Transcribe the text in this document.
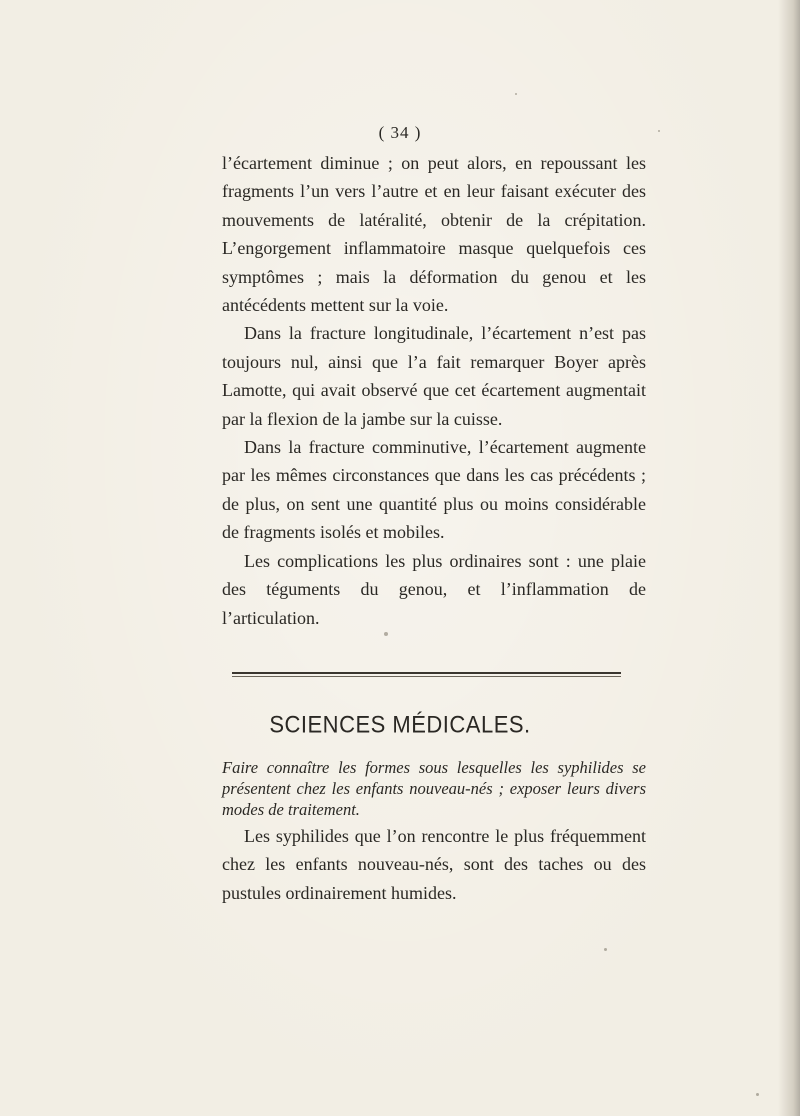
( 34 )

l’écartement diminue ; on peut alors, en repoussant les fragments l’un vers l’autre et en leur faisant exécuter des mouvements de latéralité, obtenir de la crépitation. L’engorgement inflammatoire masque quelquefois ces symptômes ; mais la déformation du genou et les antécédents mettent sur la voie.

Dans la fracture longitudinale, l’écartement n’est pas toujours nul, ainsi que l’a fait remarquer Boyer après Lamotte, qui avait observé que cet écartement augmentait par la flexion de la jambe sur la cuisse.

Dans la fracture comminutive, l’écartement augmente par les mêmes circonstances que dans les cas précédents ; de plus, on sent une quantité plus ou moins considérable de fragments isolés et mobiles.

Les complications les plus ordinaires sont : une plaie des téguments du genou, et l’inflammation de l’articulation.

SCIENCES MÉDICALES.

Faire connaître les formes sous lesquelles les syphilides se présentent chez les enfants nouveau-nés ; exposer leurs divers modes de traitement.

Les syphilides que l’on rencontre le plus fréquemment chez les enfants nouveau-nés, sont des taches ou des pustules ordinairement humides.
